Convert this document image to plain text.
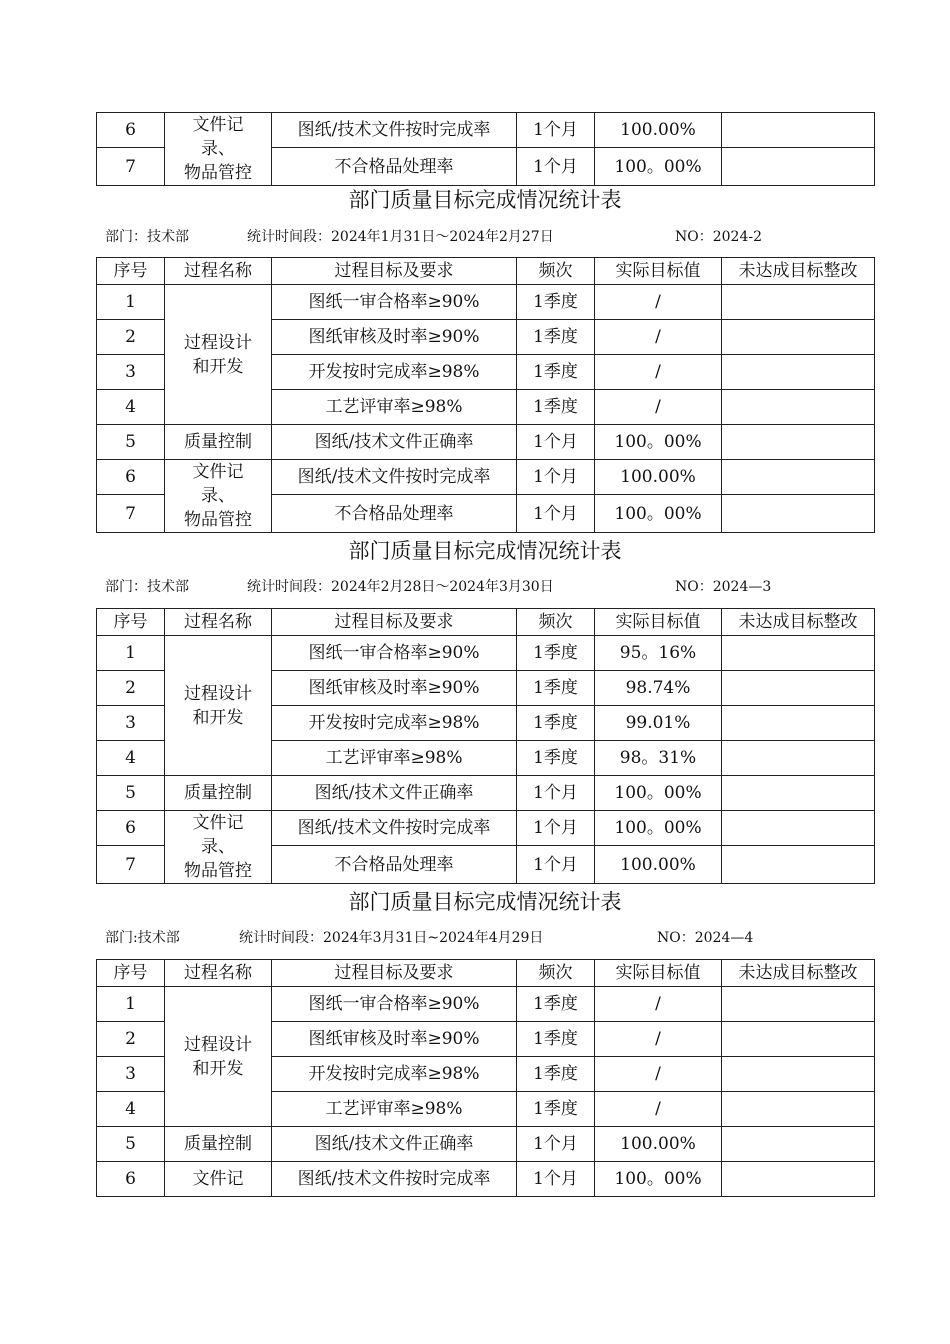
6	文件记
录、
物品管控	图纸/技术文件按时完成率	1个月	100.00%	
7		不合格品处理率	1个月	100。00%	
部门质量目标完成情况统计表
部门：技术部	统计时间段：2024年1月31日～2024年2月27日	NO：2024-2
序号	过程名称	过程目标及要求	频次	实际目标值	未达成目标整改
1	过程设计
和开发	图纸一审合格率≥90%	1季度	/	
2		图纸审核及时率≥90%	1季度	/	
3		开发按时完成率≥98%	1季度	/	
4		工艺评审率≥98%	1季度	/	
5	质量控制	图纸/技术文件正确率	1个月	100。00%	
6	文件记
录、
物品管控	图纸/技术文件按时完成率	1个月	100.00%	
7		不合格品处理率	1个月	100。00%	
部门质量目标完成情况统计表
部门：技术部	统计时间段：2024年2月28日～2024年3月30日	NO：2024—3
序号	过程名称	过程目标及要求	频次	实际目标值	未达成目标整改
1	过程设计
和开发	图纸一审合格率≥90%	1季度	95。16%	
2		图纸审核及时率≥90%	1季度	98.74%	
3		开发按时完成率≥98%	1季度	99.01%	
4		工艺评审率≥98%	1季度	98。31%	
5	质量控制	图纸/技术文件正确率	1个月	100。00%	
6	文件记
录、
物品管控	图纸/技术文件按时完成率	1个月	100。00%	
7		不合格品处理率	1个月	100.00%	
部门质量目标完成情况统计表
部门:技术部	统计时间段：2024年3月31日~2024年4月29日	NO：2024—4
序号	过程名称	过程目标及要求	频次	实际目标值	未达成目标整改
1	过程设计
和开发	图纸一审合格率≥90%	1季度	/	
2		图纸审核及时率≥90%	1季度	/	
3		开发按时完成率≥98%	1季度	/	
4		工艺评审率≥98%	1季度	/	
5	质量控制	图纸/技术文件正确率	1个月	100.00%	
6	文件记	图纸/技术文件按时完成率	1个月	100。00%	
